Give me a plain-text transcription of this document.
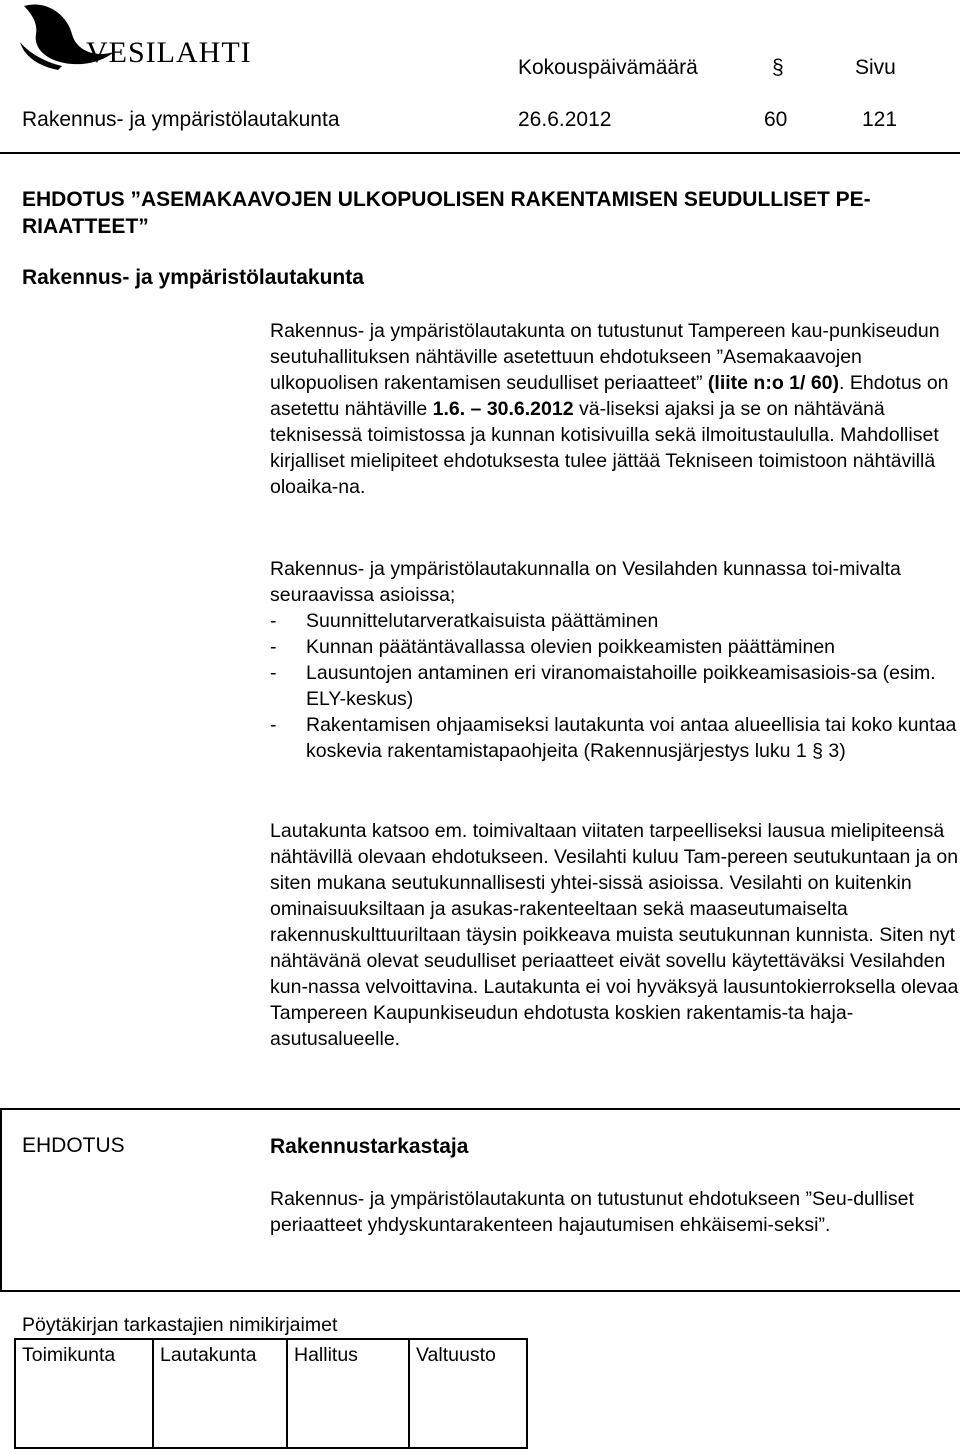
VESILAHTI	Kokouspäivämäärä	§	Sivu
Rakennus- ja ympäristölautakunta	26.6.2012	60	121
EHDOTUS ”ASEMAKAAVOJEN ULKOPUOLISEN RAKENTAMISEN SEUDULLISET PE-RIAATTEET”
Rakennus- ja ympäristölautakunta

Rakennus- ja ympäristölautakunta on tutustunut Tampereen kau-punkiseudun seutuhallituksen nähtäville asetettuun ehdotukseen ”Asemakaavojen ulkopuolisen rakentamisen seudulliset periaatteet” (liite n:o 1/ 60). Ehdotus on asetettu nähtäville 1.6. – 30.6.2012 vä-liseksi ajaksi ja se on nähtävänä teknisessä toimistossa ja kunnan kotisivuilla sekä ilmoitustaululla. Mahdolliset kirjalliset mielipiteet ehdotuksesta tulee jättää Tekniseen toimistoon nähtävillä oloaika-na.

Rakennus- ja ympäristölautakunnalla on Vesilahden kunnassa toi-mivalta seuraavissa asioissa;

- Suunnittelutarveratkaisuista päättäminen
- Kunnan päätäntävallassa olevien poikkeamisten päättäminen
- Lausuntojen antaminen eri viranomaistahoille poikkeamisasiois-sa (esim. ELY-keskus)
- Rakentamisen ohjaamiseksi lautakunta voi antaa alueellisia tai koko kuntaa koskevia rakentamistapaohjeita (Rakennusjärjestys luku 1 § 3)
Lautakunta katsoo em. toimivaltaan viitaten tarpeelliseksi lausua mielipiteensä nähtävillä olevaan ehdotukseen. Vesilahti kuluu Tam-pereen seutukuntaan ja on siten mukana seutukunnallisesti yhtei-sissä asioissa. Vesilahti on kuitenkin ominaisuuksiltaan ja asukas-rakenteeltaan sekä maaseutumaiselta rakennuskulttuuriltaan täysin poikkeava muista seutukunnan kunnista. Siten nyt nähtävänä olevat seudulliset periaatteet eivät sovellu käytettäväksi Vesilahden kun-nassa velvoittavina. Lautakunta ei voi hyväksyä lausuntokierroksella olevaa Tampereen Kaupunkiseudun ehdotusta koskien rakentamis-ta haja-asutusalueelle.
EHDOTUS	Rakennustarkastaja
Rakennus- ja ympäristölautakunta on tutustunut ehdotukseen ”Seu-dulliset periaatteet yhdyskuntarakenteen hajautumisen ehkäisemi-seksi”.
Pöytäkirjan tarkastajien nimikirjaimet
Toimikunta	Lautakunta	Hallitus	Valtuusto
